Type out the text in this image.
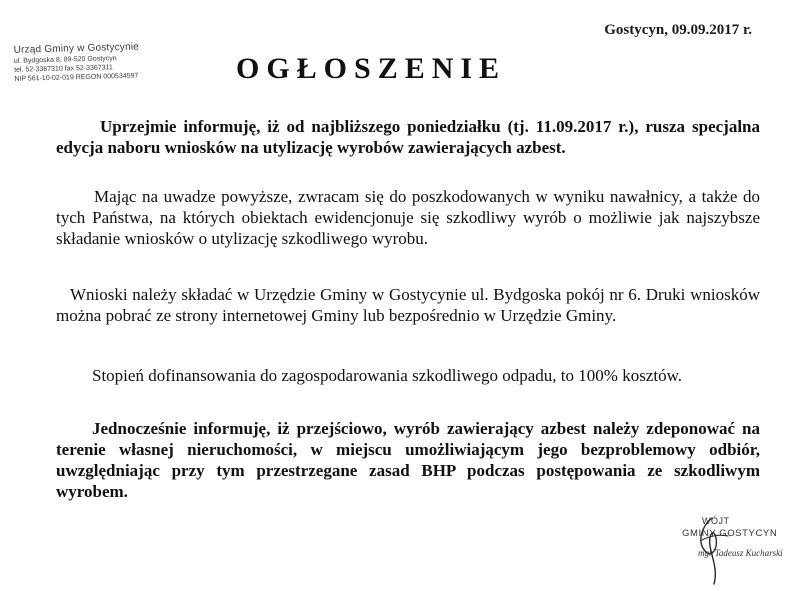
Gostycyn, 09.09.2017 r.
Urząd Gminy w Gostycynie
ul. Bydgoska 8, 89-520 Gostycyn
tel. 52-3367310 fax 52-3367311
NIP 561-10-02-019 REGON 000534597	OGŁOSZENIE

Uprzejmie informuję, iż od najbliższego poniedziałku (tj. 11.09.2017 r.), rusza specjalna edycja naboru wniosków na utylizację wyrobów zawierających azbest.

Mając na uwadze powyższe, zwracam się do poszkodowanych w wyniku nawałnicy, a także do tych Państwa, na których obiektach ewidencjonuje się szkodliwy wyrób o możliwie jak najszybsze składanie wniosków o utylizację szkodliwego wyrobu.

Wnioski należy składać w Urzędzie Gminy w Gostycynie ul. Bydgoska pokój nr 6. Druki wniosków można pobrać ze strony internetowej Gminy lub bezpośrednio w Urzędzie Gminy.

Stopień dofinansowania do zagospodarowania szkodliwego odpadu, to 100% kosztów.

Jednocześnie informuję, iż przejściowo, wyrób zawierający azbest należy zdeponować na terenie własnej nieruchomości, w miejscu umożliwiającym jego bezproblemowy odbiór, uwzględniając przy tym przestrzegane zasad BHP podczas postępowania ze szkodliwym wyrobem.

WÓJT
GMINY GOSTYCYN
mgr Tadeusz Kucharski
